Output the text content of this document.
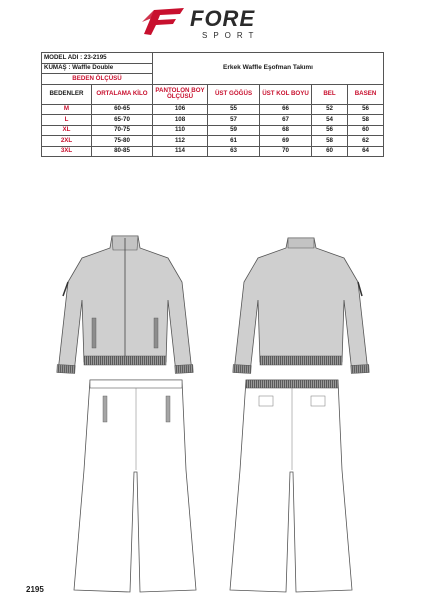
FORE
SPORT
MODEL ADI : 23-2195		Erkek Waffle Eşofman Takımı				
KUMAŞ : Waffle Double						
BEDEN ÖLÇÜSÜ						
BEDENLER	ORTALAMA KİLO	PANTOLON BOY ÖLÇÜSÜ	ÜST GÖĞÜS	ÜST KOL BOYU	BEL	BASEN
M	60-65	106	55	66	52	56
L	65-70	108	57	67	54	58
XL	70-75	110	59	68	56	60
2XL	75-80	112	61	69	58	62
3XL	80-85	114	63	70	60	64
2195
